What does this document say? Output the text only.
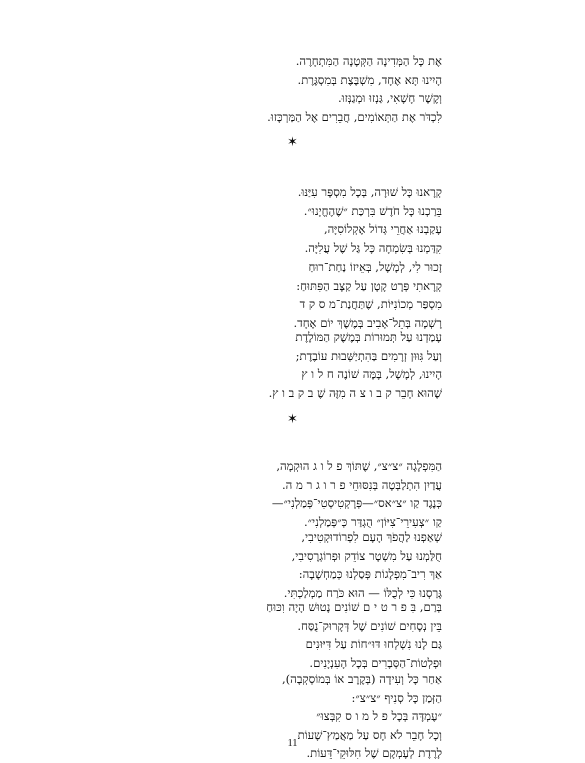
אֶת כָּל הַמְּדִינָה הַקְּטָנָה הַמִּתְחָרֶה.
הָיִינוּ תָּא אֶחָד, מִשְׁבֶּצֶת בְּמִסְגֶּרֶת.
וְקֶשֶׁר חָשָׁאִי, גַּנְזוּ וּמְגַנְּזוּ.
לִכְדֹּר אֶת הַתְּאוֹמִים, חֲבֵרִים אֶל הַמַּרְכָּזוּ.
קְרָאנוּ כָּל שׁוּרָה, בְּכָל מִסְפָּר עִיַּנּוּ.
בֵּרַכְנוּ כָּל חֹדֶשׁ בִּרְכַּת ״שֶׁהֶחֱיָנוּ״.
עָקַבְנוּ אַחֲרֵי גְּדוֹל אֶקְלוֹסִיָּה,
קִדַּמְנוּ בְּשִׂמְחָה כָּל גַּל שֶׁל עֲלִיָּה.
זָכוּר לִי, לְמָשָׁל, בְּאֵיזוֹ נַחַת־רוּחַ
קְרָאתִי פְּרָט קָטָן עַל קַצָּב הַפִּתּוּחַ:
מִסְפַּר מְכוֹנִיּוֹת, שֶׁתַּחֲנַת־מ ס ק ד
רָשְׁמָה בְּתֵל־אָבִיב בְּמֶשֶׁךְ יוֹם אֶחָד.
עָמַדְנוּ עַל תְּמוּרוֹת בְּמֶשֶׁק הַמּוֹלֶדֶת
וְעַל גִּוּוּן זְרָמִים בַּהִתְיַשְּׁבוּת עוֹבֶדֶת;
הָיִינוּ, לְמָשָׁל, בָּמֶּה שׁוֹנֶה ח ל ו ץ
שֶׁהוּא חָבֵר ק ב ו צ ה מִזֶּה שֶׁ ב ק ב ו ץ.
הַמִּפְלָגָה ״צ״צ״, שֶׁתּוֹךְ פ ל ו ג הוּקְמָה,
עֲדַיִן הִתְלַבְּטָה בְּנִסּוּחֵי פ ר ו ג ר מ ה.
כְּנֶגֶד קַו ״צ״אס״—פְּרָקְטִיסְטִי־פְּמַלְנִי״—
קַו ״צְעִירֵי־צִיּוֹן״ הֻגְדַּר כְּ״פְּמַלְנִי״.
שְׁאַפְנוּ לַהֲפֹךְ הָעָם לִפְרוֹדוּקְטִיבִי,
חֻלַּמְנוּ עַל מִשְׁטָר צוֹדֵק וּפְרוֹגְרֶסִיבִי,
אַךְ רִיב־מִפְלָגוֹת פְּסַלְנוּ כְּמַחְשָׁבָה:
גָּרַסְנוּ כִּי לְכֻלּוֹ — הוּא כֹּרַח מַמְלַכְתִּי.
בְּרַם, בִּ פ ר ט י ם שׁוֹנִים נָטוּשׁ הָיָה וִכּוּחַ
בֵּין נְסָחִים שׁוֹנִים שֶׁל דְּקָרוּק־נֻסַּח.
גַּם לָנוּ נִשְׁלְחוּ דּוּ״חוֹת עַל דִּיּוּנִים
וּפְלְטוֹת־הַסְּבָרִים בְּכָל הָעִנְיָנִים.
אַחַר כָּל וְעִידָה (בְּקֶרֶב אוֹ בְּמוֹסְקְבָה),
הַזְּמַן כָּל סְנִיף ״צ״צ״:
״עֶמְדָּה בְּכָל פ ל מ ו ס קִבְּצוּ״
וְכָל חָבֵר לֹא חָס עַל מַאֲמַץ־שָׁעוֹת
לָרֶדֶת לְעָמְקָם שֶׁל חִלּוּקֵי־דֵּעוֹת.
✶
✶
11
